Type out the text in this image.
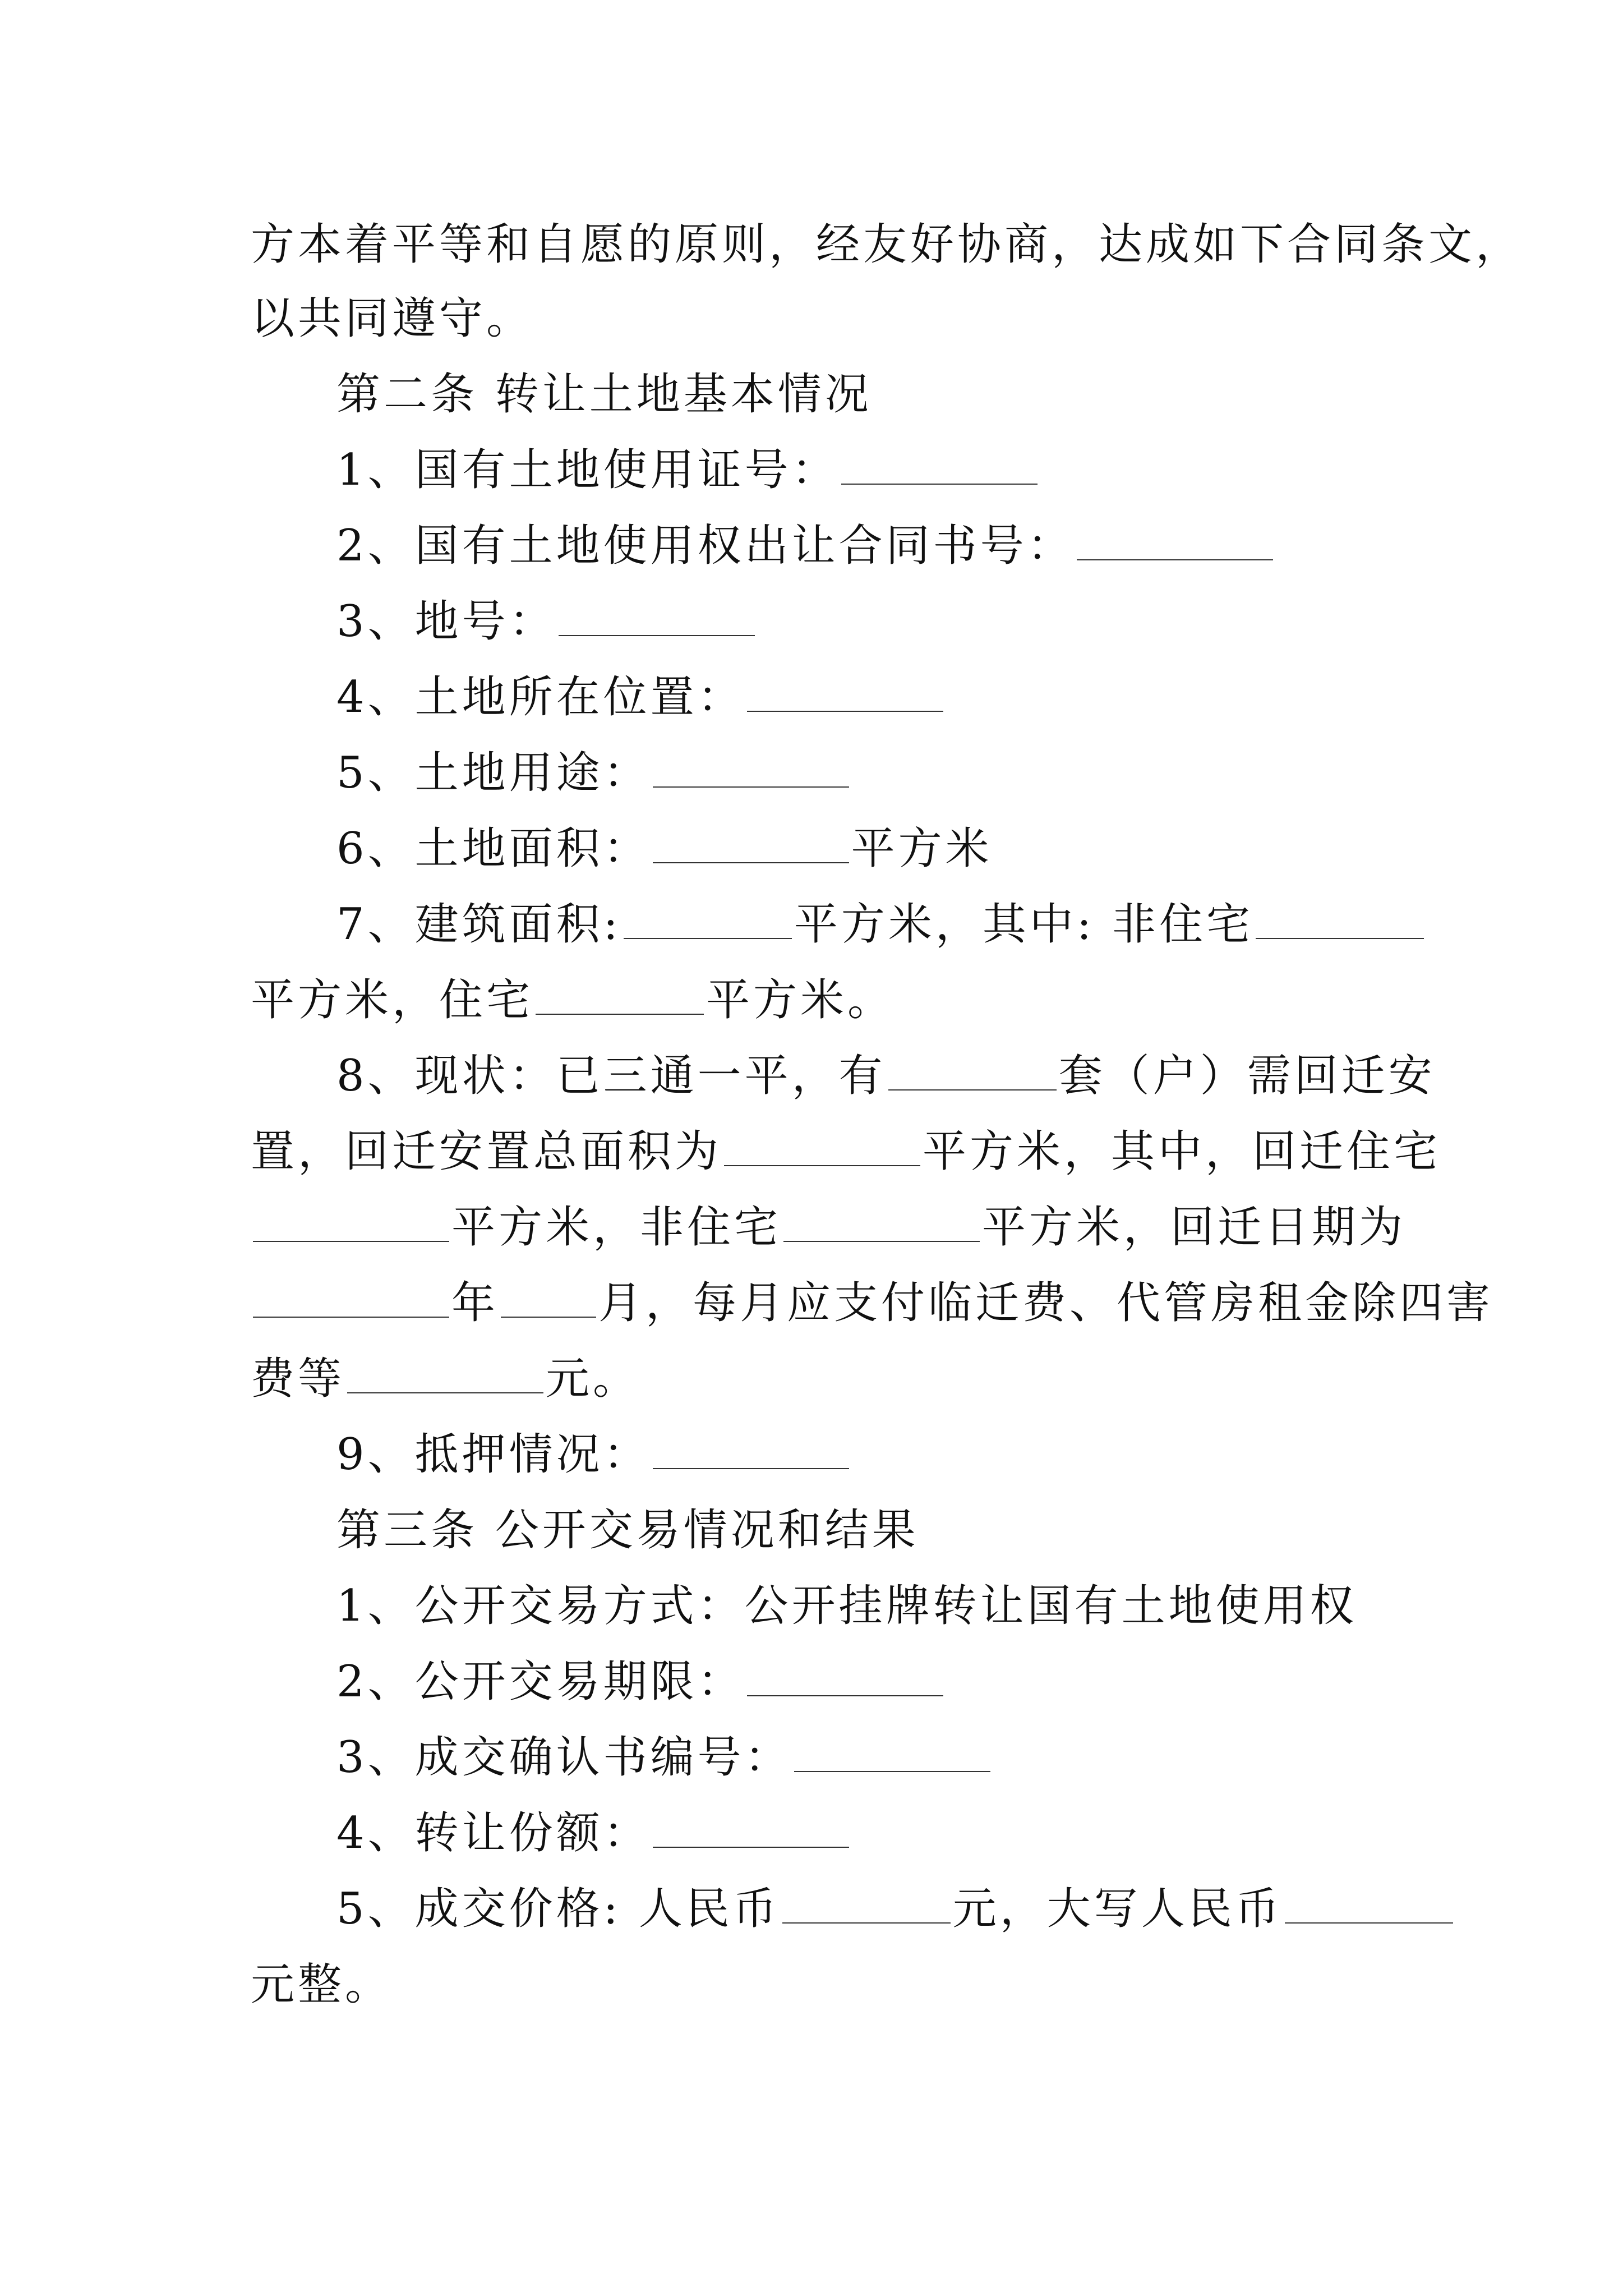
方本着平等和自愿的原则，经友好协商，达成如下合同条文，
以共同遵守。
第二条 转让土地基本情况
1、国有土地使用证号：
2、国有土地使用权出让合同书号：
3、地号：
4、土地所在位置：
5、土地用途：
6、土地面积：	平方米
7、建筑面积:	平方米，其中: 非住宅
平方米，住宅	平方米。
8、现状：已三通一平，有	套（户）需回迁安
置，回迁安置总面积为	平方米，其中，回迁住宅
平方米，非住宅	平方米，回迁日期为
年 月，每月应支付临迁费、代管房租金除四害
费等	元。
9、抵押情况：
第三条 公开交易情况和结果
1、公开交易方式：公开挂牌转让国有土地使用权
2、公开交易期限：
3、成交确认书编号：
4、转让份额：
5、成交价格: 人民币	元，大写人民币
元整。
